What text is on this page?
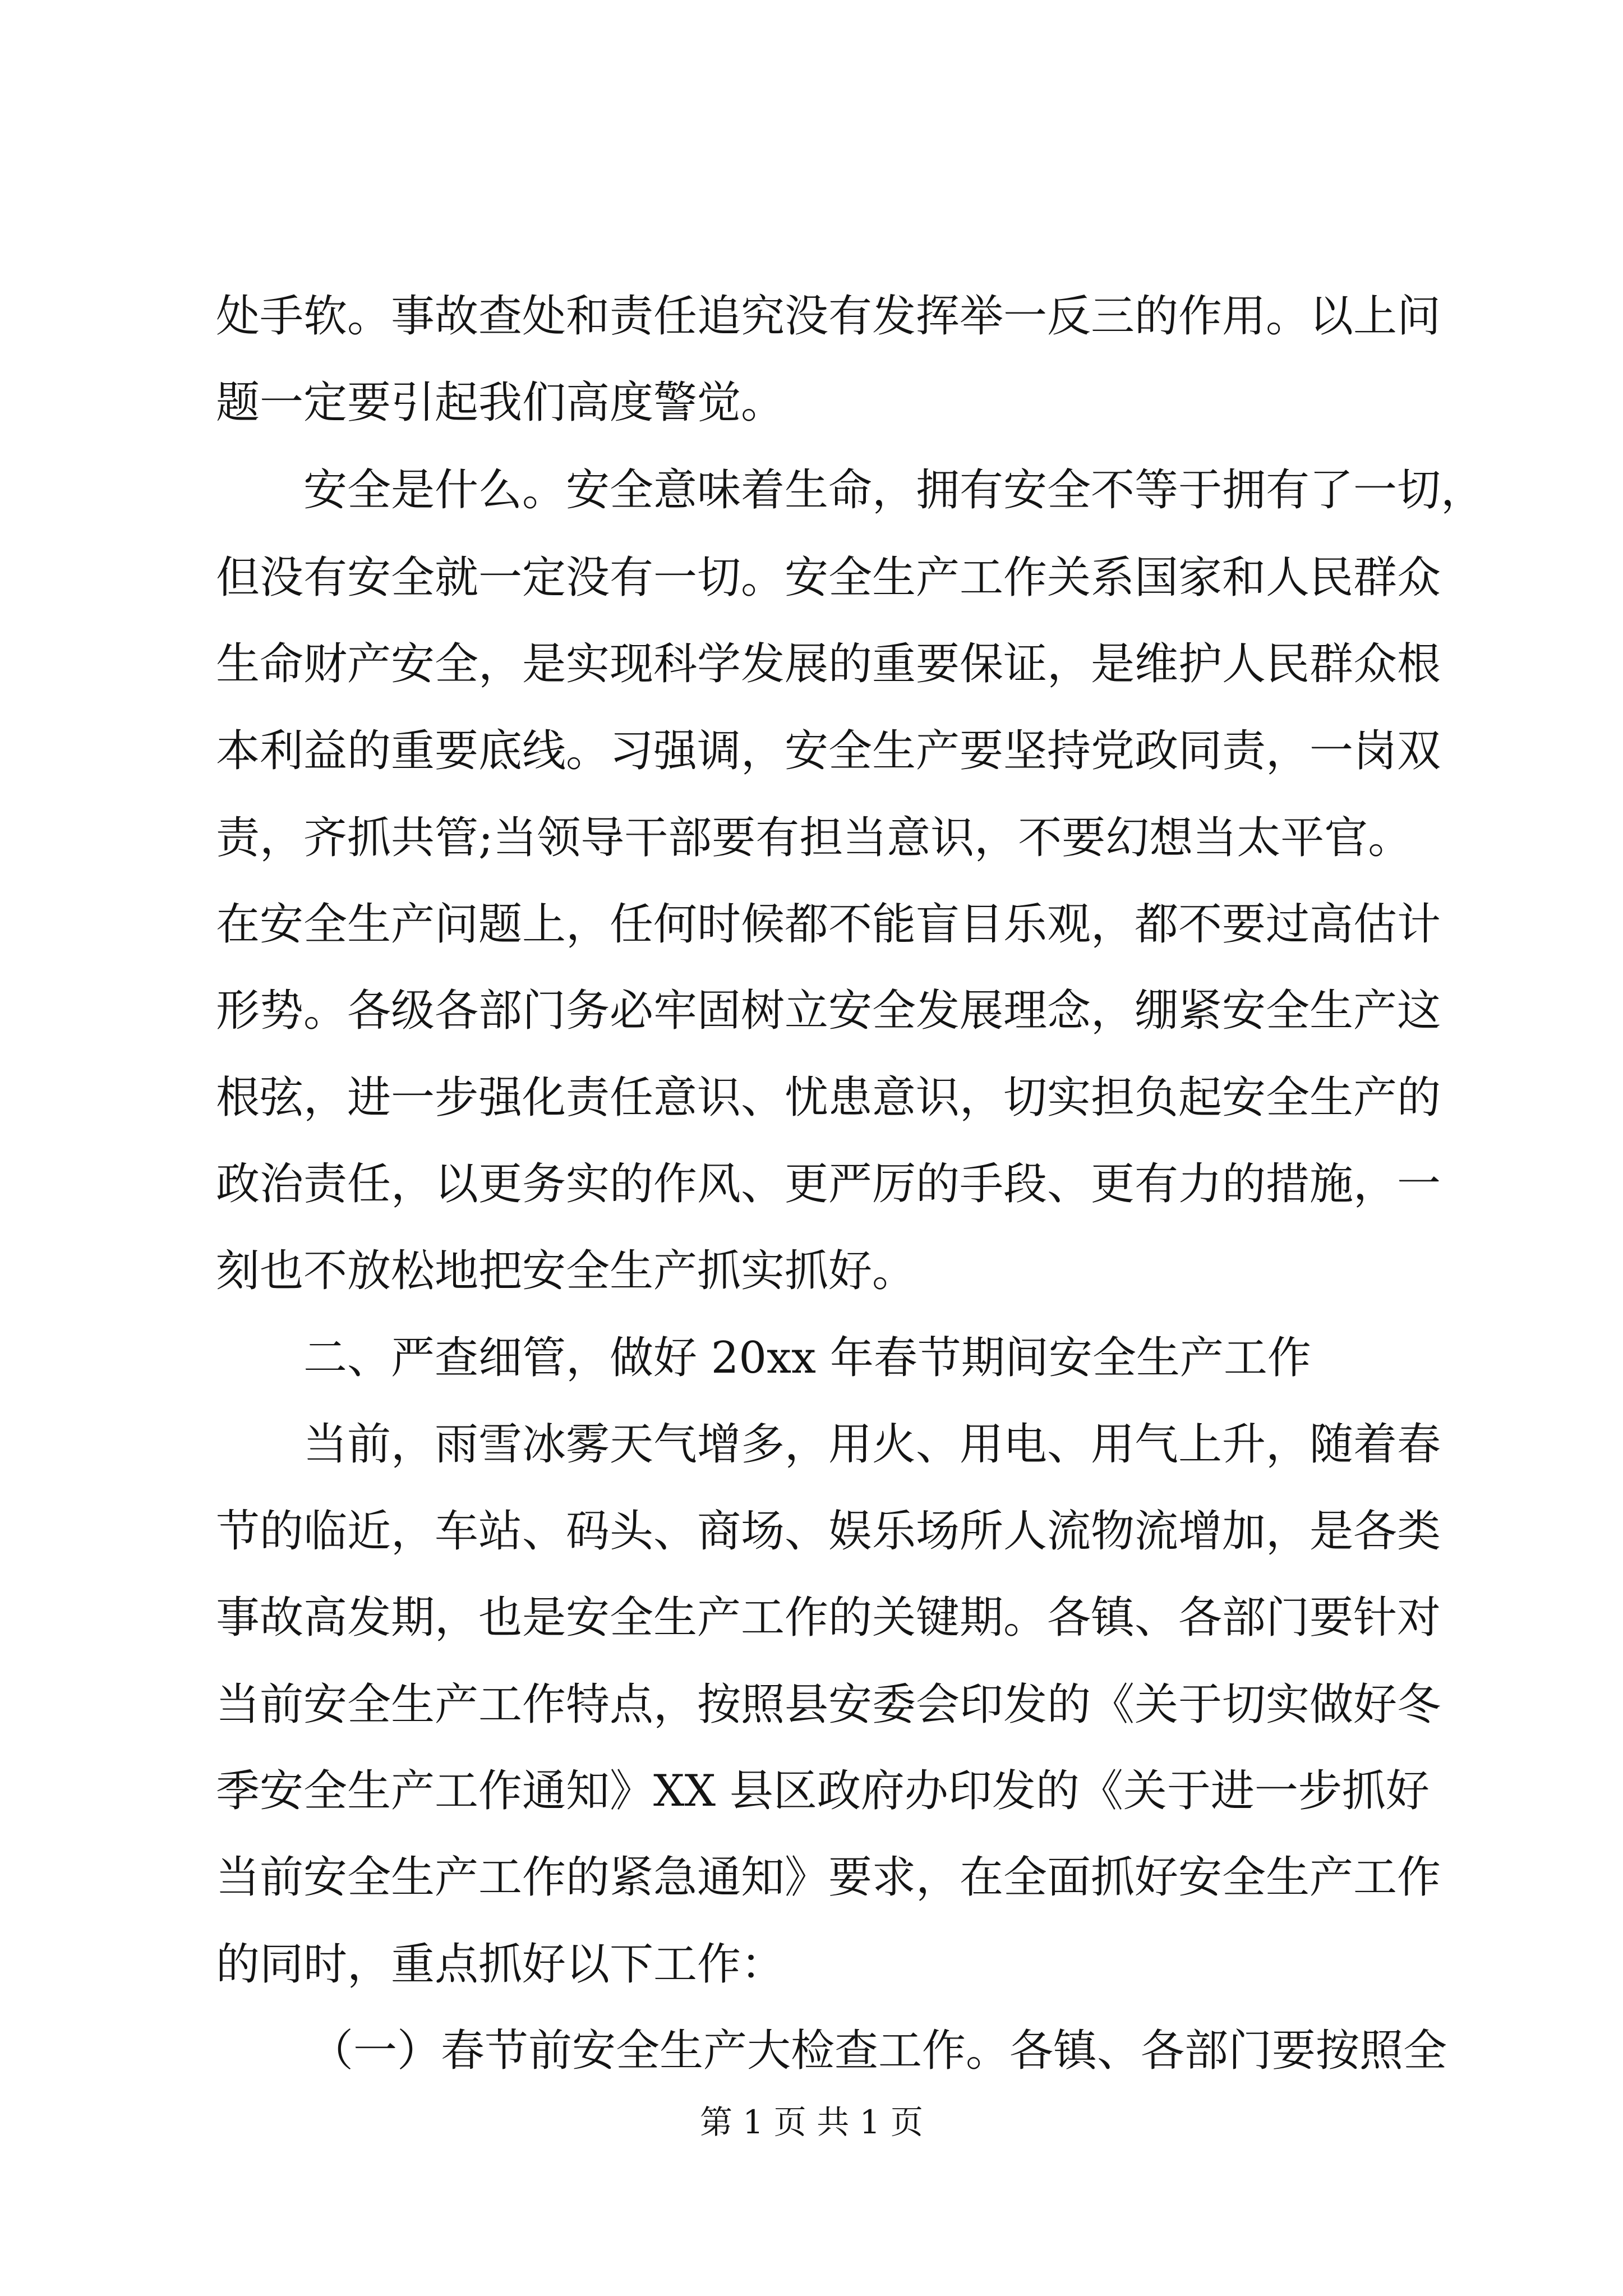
处手软。事故查处和责任追究没有发挥举一反三的作用。以上问
题一定要引起我们高度警觉。
安全是什么。安全意味着生命，拥有安全不等于拥有了一切，
但没有安全就一定没有一切。安全生产工作关系国家和人民群众
生命财产安全，是实现科学发展的重要保证，是维护人民群众根
本利益的重要底线。习强调，安全生产要坚持党政同责，一岗双
责，齐抓共管;当领导干部要有担当意识，不要幻想当太平官。
在安全生产问题上，任何时候都不能盲目乐观，都不要过高估计
形势。各级各部门务必牢固树立安全发展理念，绷紧安全生产这
根弦，进一步强化责任意识、忧患意识，切实担负起安全生产的
政治责任，以更务实的作风、更严厉的手段、更有力的措施，一
刻也不放松地把安全生产抓实抓好。
二、严查细管，做好 20xx 年春节期间安全生产工作
当前，雨雪冰雾天气增多，用火、用电、用气上升，随着春
节的临近，车站、码头、商场、娱乐场所人流物流增加，是各类
事故高发期，也是安全生产工作的关键期。各镇、各部门要针对
当前安全生产工作特点，按照县安委会印发的《关于切实做好冬
季安全生产工作通知》XX 县区政府办印发的《关于进一步抓好
当前安全生产工作的紧急通知》要求，在全面抓好安全生产工作
的同时，重点抓好以下工作：
（一）春节前安全生产大检查工作。各镇、各部门要按照全
第 1 页 共 1 页
